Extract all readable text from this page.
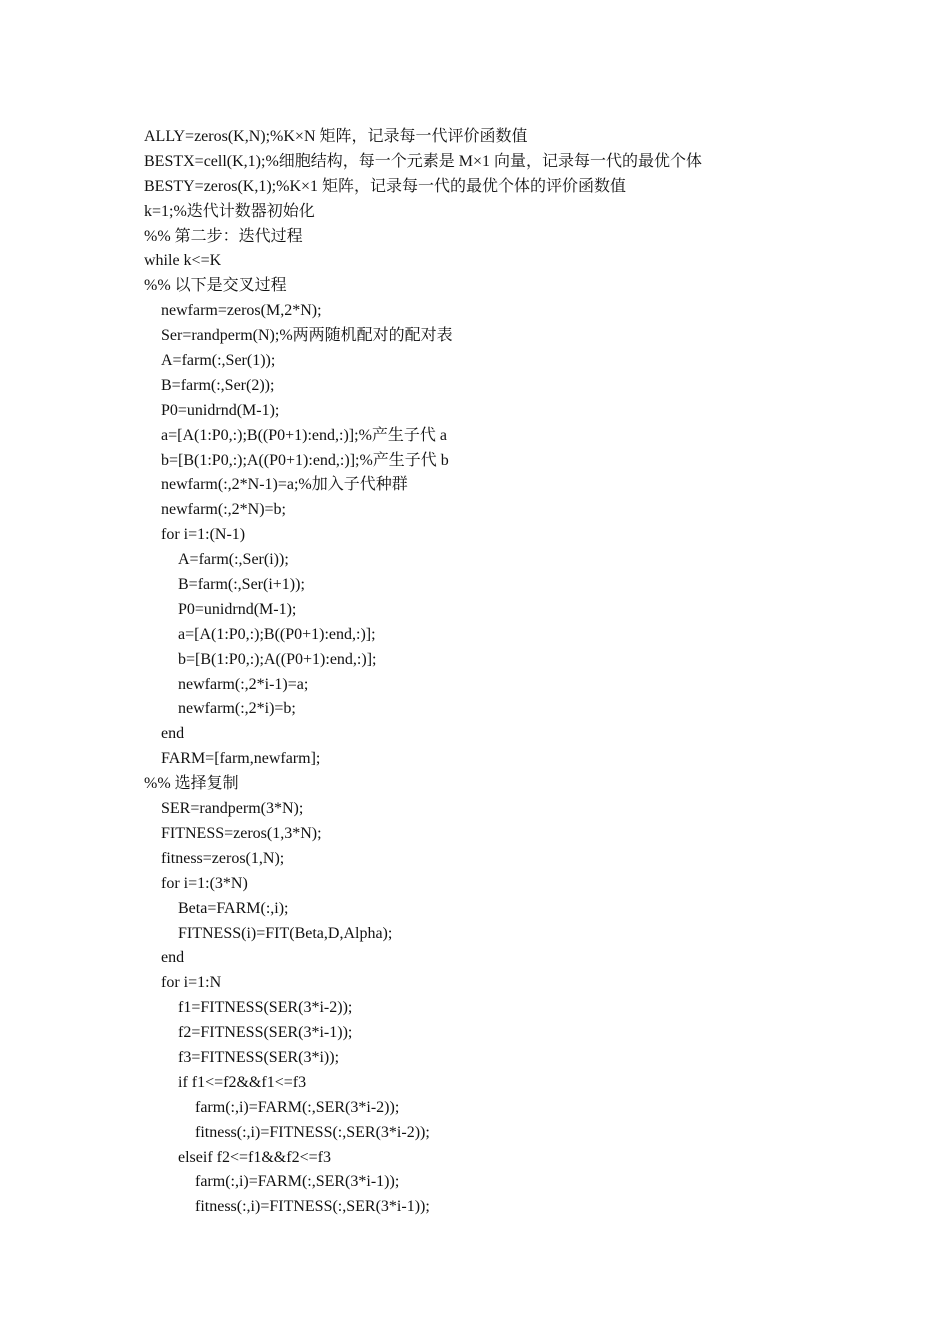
ALLY=zeros(K,N);%K×N 矩阵，记录每一代评价函数值
BESTX=cell(K,1);%细胞结构，每一个元素是 M×1 向量，记录每一代的最优个体
BESTY=zeros(K,1);%K×1 矩阵，记录每一代的最优个体的评价函数值
k=1;%迭代计数器初始化
%% 第二步：迭代过程
while k<=K
%% 以下是交叉过程
newfarm=zeros(M,2*N);
Ser=randperm(N);%两两随机配对的配对表
A=farm(:,Ser(1));
B=farm(:,Ser(2));
P0=unidrnd(M-1);
a=[A(1:P0,:);B((P0+1):end,:)];%产生子代 a
b=[B(1:P0,:);A((P0+1):end,:)];%产生子代 b
newfarm(:,2*N-1)=a;%加入子代种群
newfarm(:,2*N)=b;
for i=1:(N-1)
A=farm(:,Ser(i));
B=farm(:,Ser(i+1));
P0=unidrnd(M-1);
a=[A(1:P0,:);B((P0+1):end,:)];
b=[B(1:P0,:);A((P0+1):end,:)];
newfarm(:,2*i-1)=a;
newfarm(:,2*i)=b;
end
FARM=[farm,newfarm];
%% 选择复制
SER=randperm(3*N);
FITNESS=zeros(1,3*N);
fitness=zeros(1,N);
for i=1:(3*N)
Beta=FARM(:,i);
FITNESS(i)=FIT(Beta,D,Alpha);
end
for i=1:N
f1=FITNESS(SER(3*i-2));
f2=FITNESS(SER(3*i-1));
f3=FITNESS(SER(3*i));
if f1<=f2&&f1<=f3
farm(:,i)=FARM(:,SER(3*i-2));
fitness(:,i)=FITNESS(:,SER(3*i-2));
elseif f2<=f1&&f2<=f3
farm(:,i)=FARM(:,SER(3*i-1));
fitness(:,i)=FITNESS(:,SER(3*i-1));
